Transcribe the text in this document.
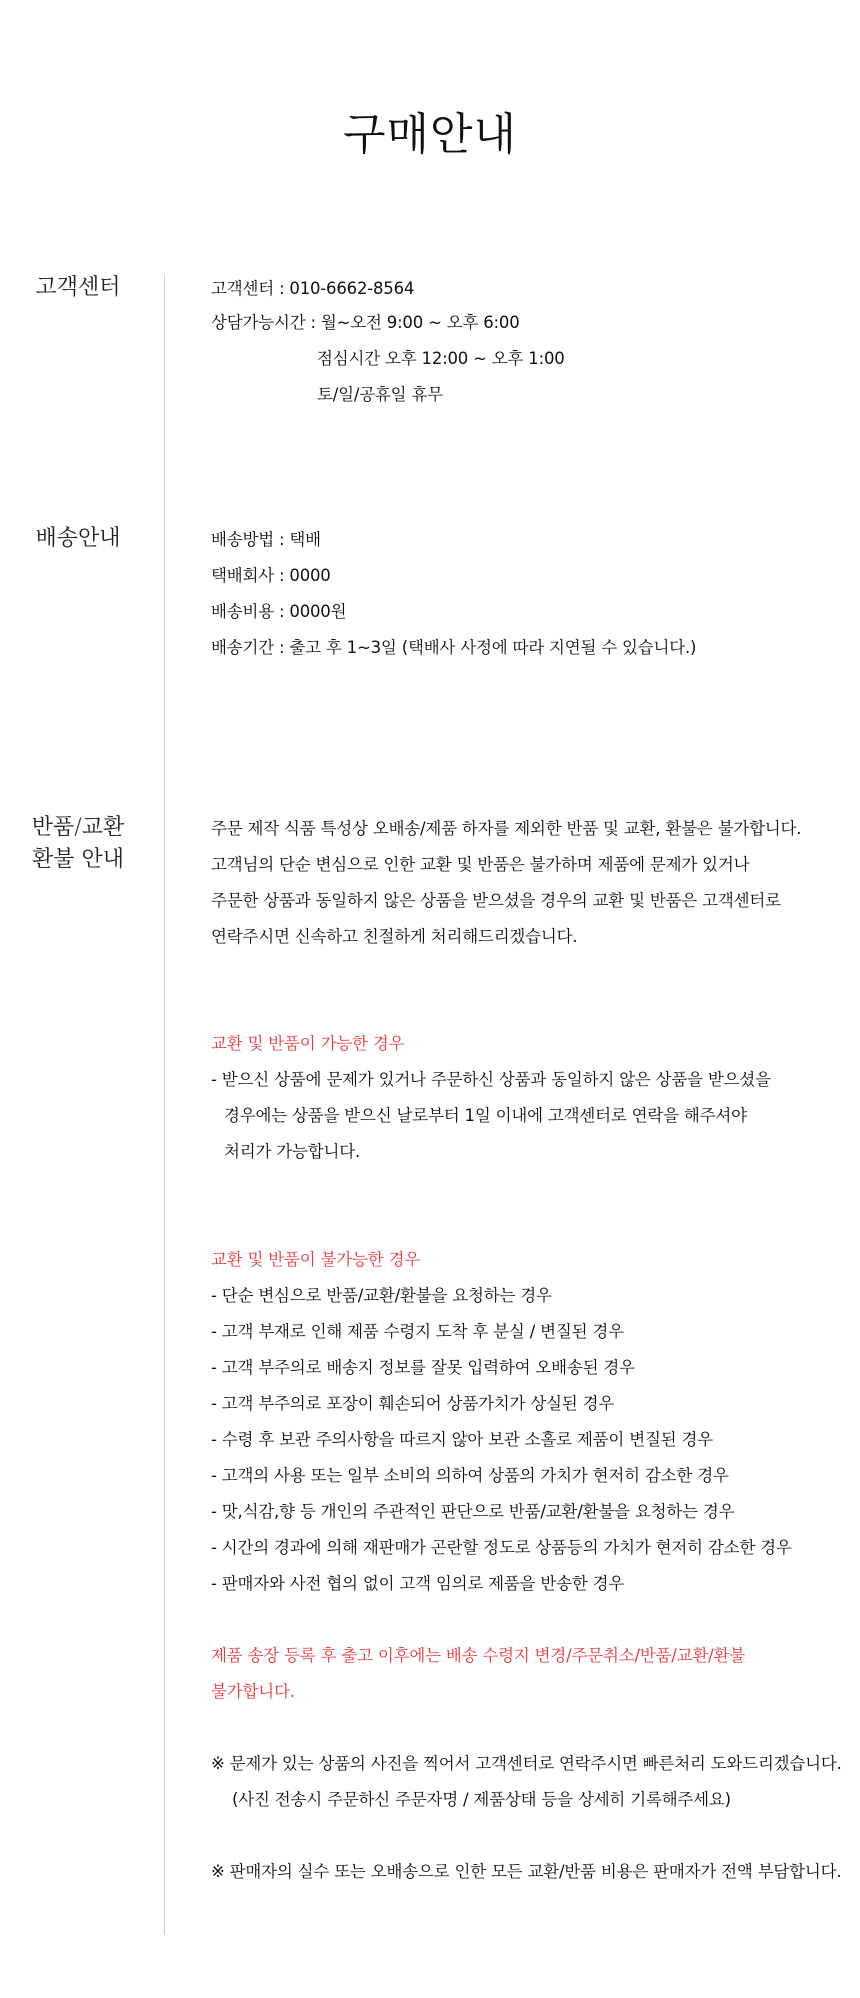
구매안내
고객센터	고객센터 : 010-6662-8564
상담가능시간 : 월~오전 9:00 ~ 오후 6:00
점심시간 오후 12:00 ~ 오후 1:00
토/일/공휴일 휴무
배송안내	배송방법 : 택배
택배회사 : 0000
배송비용 : 0000원
배송기간 : 출고 후 1~3일 (택배사 사정에 따라 지연될 수 있습니다.)
반품/교환
환불 안내
주문 제작 식품 특성상 오배송/제품 하자를 제외한 반품 및 교환, 환불은 불가합니다.
고객님의 단순 변심으로 인한 교환 및 반품은 불가하며 제품에 문제가 있거나
주문한 상품과 동일하지 않은 상품을 받으셨을 경우의 교환 및 반품은 고객센터로
연락주시면 신속하고 친절하게 처리해드리겠습니다.
교환 및 반품이 가능한 경우
- 받으신 상품에 문제가 있거나 주문하신 상품과 동일하지 않은 상품을 받으셨을
경우에는 상품을 받으신 날로부터 1일 이내에 고객센터로 연락을 해주셔야
처리가 가능합니다.
교환 및 반품이 불가능한 경우
- 단순 변심으로 반품/교환/환불을 요청하는 경우
- 고객 부재로 인해 제품 수령지 도착 후 분실 / 변질된 경우
- 고객 부주의로 배송지 정보를 잘못 입력하여 오배송된 경우
- 고객 부주의로 포장이 훼손되어 상품가치가 상실된 경우
- 수령 후 보관 주의사항을 따르지 않아 보관 소홀로 제품이 변질된 경우
- 고객의 사용 또는 일부 소비의 의하여 상품의 가치가 현저히 감소한 경우
- 맛,식감,향 등 개인의 주관적인 판단으로 반품/교환/환불을 요청하는 경우
- 시간의 경과에 의해 재판매가 곤란할 정도로 상품등의 가치가 현저히 감소한 경우
- 판매자와 사전 협의 없이 고객 임의로 제품을 반송한 경우
제품 송장 등록 후 출고 이후에는 배송 수령지 변경/주문취소/반품/교환/환불
불가합니다.
※ 문제가 있는 상품의 사진을 찍어서 고객센터로 연락주시면 빠른처리 도와드리겠습니다.
(사진 전송시 주문하신 주문자명 / 제품상태 등을 상세히 기록해주세요)
※ 판매자의 실수 또는 오배송으로 인한 모든 교환/반품 비용은 판매자가 전액 부담합니다.
